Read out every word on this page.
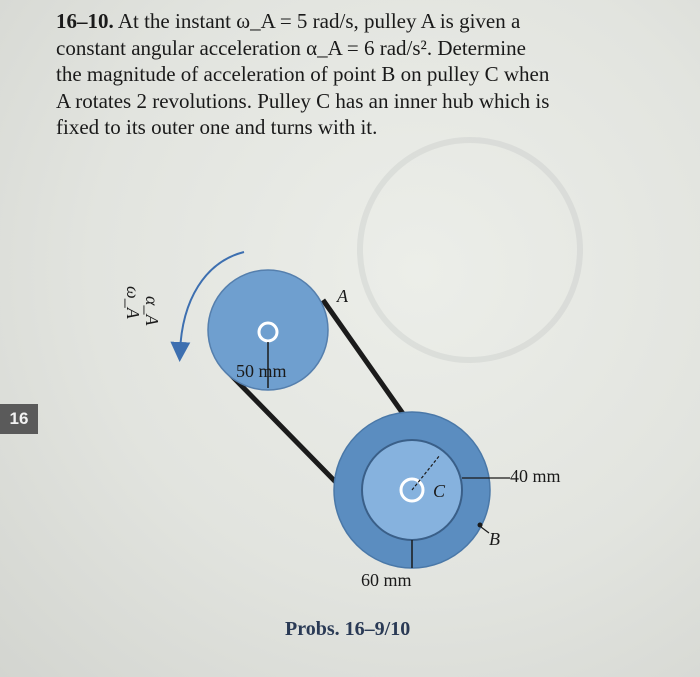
16–10. At the instant ω_A = 5 rad/s, pulley A is given a
constant angular acceleration α_A = 6 rad/s². Determine
the magnitude of acceleration of point B on pulley C when
A rotates 2 revolutions. Pulley C has an inner hub which is
fixed to its outer one and turns with it.
16
ω_A α_A	A
50 mm
C
B
40 mm
60 mm
Probs. 16–9/10
